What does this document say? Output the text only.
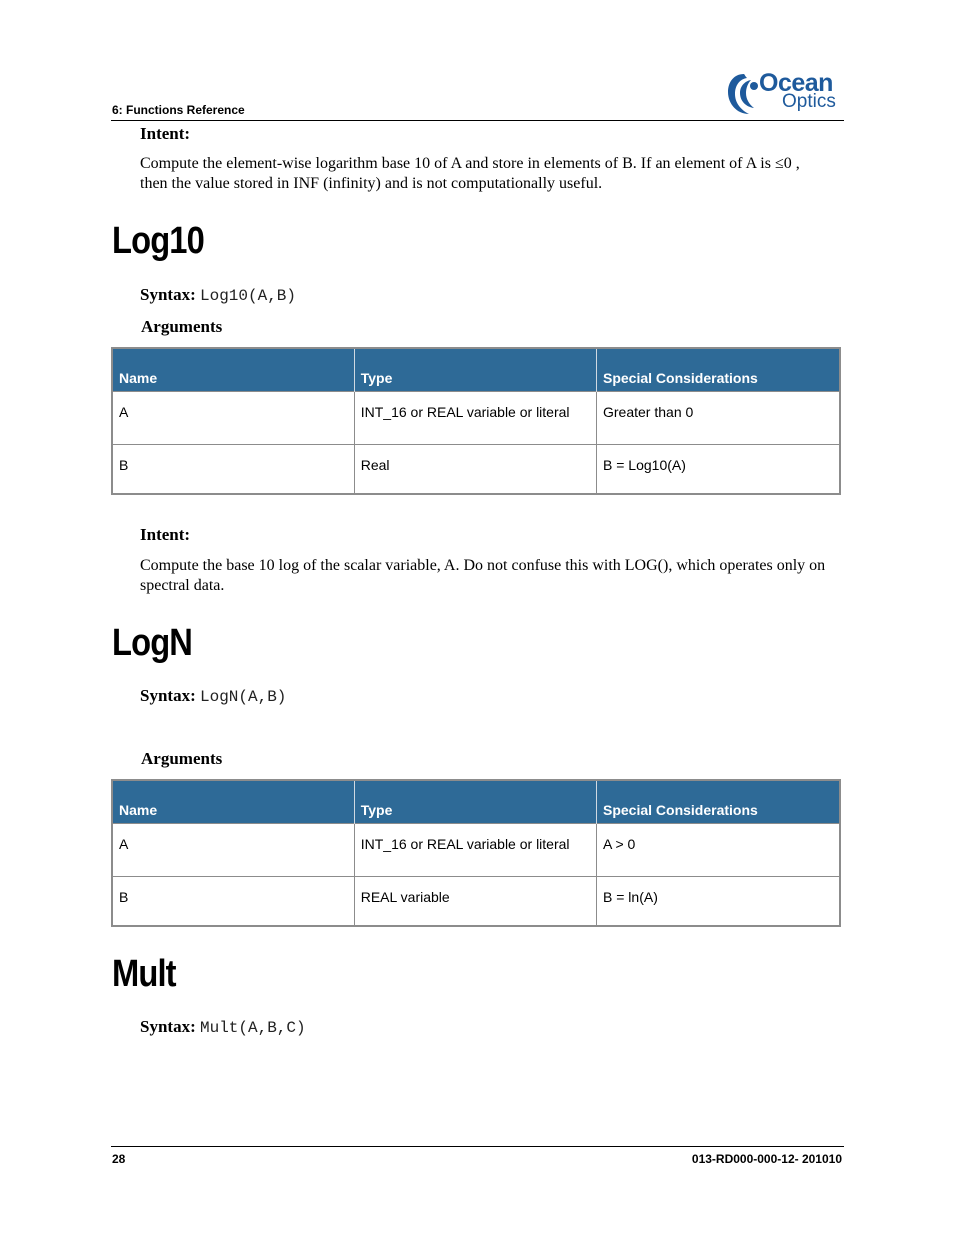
Ocean
Optics
6: Functions Reference
Intent:
Compute the element-wise logarithm base 10 of A and store in elements of B. If an element of A is ≤0 , then the value stored in INF (infinity) and is not computationally useful.
Log10
Syntax: Log10(A,B)
Arguments
Name	Type	Special Considerations
A	INT_16 or REAL variable or literal	Greater than 0
B	Real	B = Log10(A)
Intent:
Compute the base 10 log of the scalar variable, A. Do not confuse this with LOG(), which operates only on spectral data.
LogN
Syntax: LogN(A,B)
Arguments
Name	Type	Special Considerations
A	INT_16 or REAL variable or literal	A > 0
B	REAL variable	B = ln(A)
Mult
Syntax: Mult(A,B,C)
28	013-RD000-000-12- 201010
